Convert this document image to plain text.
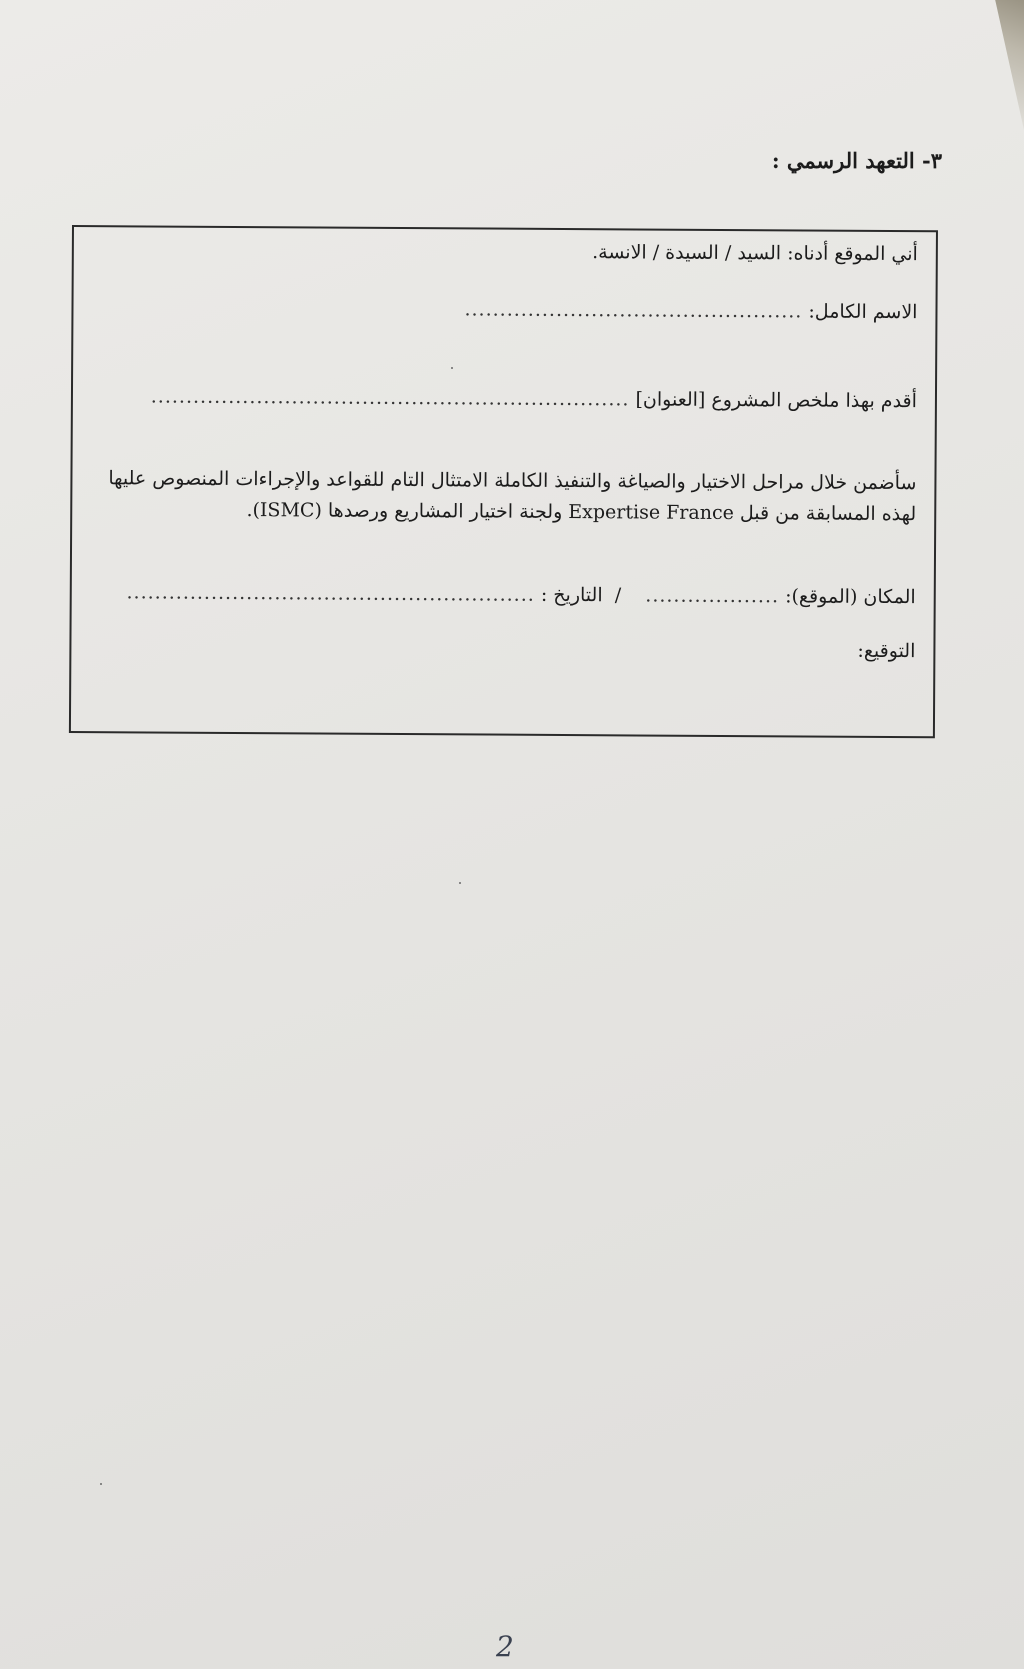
٣- التعهد الرسمي :
أني الموقع أدناه: السيد / السيدة / الانسة.
الاسم الكامل: ................................................
أقدم بهذا ملخص المشروع [العنوان] ....................................................................
سأضمن خلال مراحل الاختيار والصياغة والتنفيذ الكاملة الامتثال التام للقواعد والإجراءات المنصوص عليها
لهذه المسابقة من قبل Expertise France ولجنة اختيار المشاريع ورصدها (ISMC).
المكان (الموقع): ...................    /  التاريخ : ..........................................................
التوقيع:
2
